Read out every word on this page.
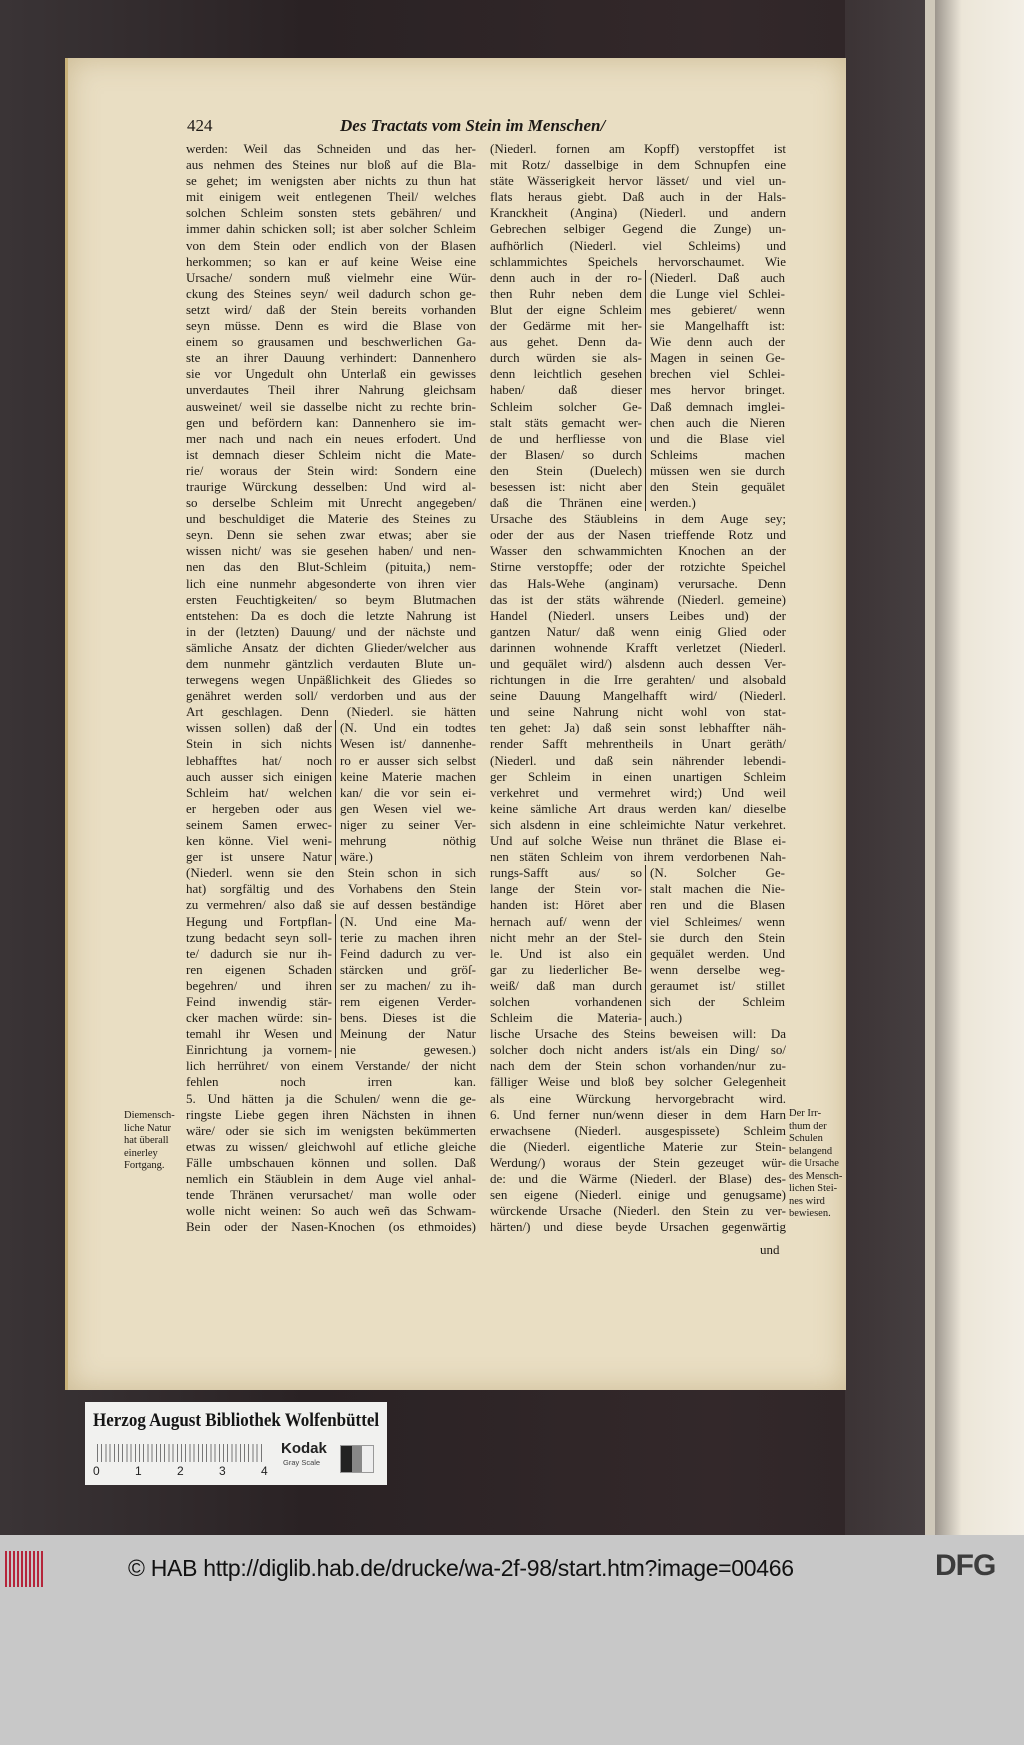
424	Des Tractats vom Stein im Menschen/
werden: Weil das Schneiden und das her-
aus nehmen des Steines nur bloß auf die Bla-
se gehet; im wenigsten aber nichts zu thun hat
mit einigem weit entlegenen Theil/ welches
solchen Schleim sonsten stets gebähren/ und
immer dahin schicken soll; ist aber solcher Schleim
von dem Stein oder endlich von der Blasen
herkommen; so kan er auf keine Weise eine
Ursache/ sondern muß vielmehr eine Wür-
ckung des Steines seyn/ weil dadurch schon ge-
setzt wird/ daß der Stein bereits vorhanden
seyn müsse. Denn es wird die Blase von
einem so grausamen und beschwerlichen Ga-
ste an ihrer Dauung verhindert: Dannenhero
sie vor Ungedult ohn Unterlaß ein gewisses
unverdautes Theil ihrer Nahrung gleichsam
ausweinet/ weil sie dasselbe nicht zu rechte brin-
gen und befördern kan: Dannenhero sie im-
mer nach und nach ein neues erfodert. Und
ist demnach dieser Schleim nicht die Mate-
rie/ woraus der Stein wird: Sondern eine
traurige Würckung desselben: Und wird al-
so derselbe Schleim mit Unrecht angegeben/
und beschuldiget die Materie des Steines zu
seyn. Denn sie sehen zwar etwas; aber sie
wissen nicht/ was sie gesehen haben/ und nen-
nen das den Blut-Schleim (pituita,) nem-
lich eine nunmehr abgesonderte von ihren vier
ersten Feuchtigkeiten/ so beym Blutmachen
entstehen: Da es doch die letzte Nahrung ist
in der (letzten) Dauung/ und der nächste und
sämliche Ansatz der dichten Glieder/welcher aus
dem nunmehr gäntzlich verdauten Blute un-
terwegens wegen Unpäßlichkeit des Gliedes so
genähret werden soll/ verdorben und aus der
Art geschlagen. Denn (Niederl. sie hätten
wissen sollen) daß der (N. Und ein todtes
Stein in sich nichts Wesen ist/ dannenhe-
lebhafftes hat/ noch ro er ausser sich selbst
auch ausser sich einigen keine Materie machen
Schleim hat/ welchen kan/ die vor sein ei-
er hergeben oder aus gen Wesen viel we-
seinem Samen erwec- niger zu seiner Ver-
ken könne. Viel weni- mehrung nöthig
ger ist unsere Natur wäre.)
(Niederl. wenn sie den Stein schon in sich
hat) sorgfältig und des Vorhabens den Stein
zu vermehren/ also daß sie auf dessen beständige
Hegung und Fortpflan- (N. Und eine Ma-
tzung bedacht seyn soll- terie zu machen ihren
te/ dadurch sie nur ih- Feind dadurch zu ver-
ren eigenen Schaden stärcken und gröſ-
begehren/ und ihren ser zu machen/ zu ih-
Feind inwendig stär- rem eigenen Verder-
cker machen würde: sin- bens. Dieses ist die
temahl ihr Wesen und Meinung der Natur
Einrichtung ja vornem- nie gewesen.)
lich herrühret/ von einem Verstande/ der nicht
fehlen noch irren kan.
5. Und hätten ja die Schulen/ wenn die ge-
ringste Liebe gegen ihren Nächsten in ihnen
wäre/ oder sie sich im wenigsten bekümmerten
etwas zu wissen/ gleichwohl auf etliche gleiche
Fälle umbschauen können und sollen. Daß
nemlich ein Stäublein in dem Auge viel anhal-
tende Thränen verursachet/ man wolle oder
wolle nicht weinen: So auch weñ das Schwam-
Bein oder der Nasen-Knochen (os ethmoides)
(Niederl. fornen am Kopff) verstopffet ist
mit Rotz/ dasselbige in dem Schnupfen eine
stäte Wässerigkeit hervor lässet/ und viel un-
flats heraus giebt. Daß auch in der Hals-
Kranckheit (Angina) (Niederl. und andern
Gebrechen selbiger Gegend die Zunge) un-
aufhörlich (Niederl. viel Schleims) und
schlammichtes Speichels hervorschaumet. Wie
denn auch in der ro- (Niederl. Daß auch
then Ruhr neben dem die Lunge viel Schlei-
Blut der eigne Schleim mes gebieret/ wenn
der Gedärme mit her- sie Mangelhafft ist:
aus gehet. Denn da- Wie denn auch der
durch würden sie als- Magen in seinen Ge-
denn leichtlich gesehen brechen viel Schlei-
haben/ daß dieser mes hervor bringet.
Schleim solcher Ge- Daß demnach imglei-
stalt stäts gemacht wer- chen auch die Nieren
de und herfliesse von und die Blase viel
der Blasen/ so durch Schleims machen
den Stein (Duelech) müssen wen sie durch
besessen ist: nicht aber den Stein gequälet
daß die Thränen eine werden.)
Ursache des Stäubleins in dem Auge sey;
oder der aus der Nasen trieffende Rotz und
Wasser den schwammichten Knochen an der
Stirne verstopffe; oder der rotzichte Speichel
das Hals-Wehe (anginam) verursache. Denn
das ist der stäts währende (Niederl. gemeine)
Handel (Niederl. unsers Leibes und) der
gantzen Natur/ daß wenn einig Glied oder
darinnen wohnende Krafft verletzet (Niederl.
und gequälet wird/) alsdenn auch dessen Ver-
richtungen in die Irre gerahten/ und alsobald
seine Dauung Mangelhafft wird/ (Niederl.
und seine Nahrung nicht wohl von stat-
ten gehet: Ja) daß sein sonst lebhaffter näh-
render Safft mehrentheils in Unart geräth/
(Niederl. und daß sein nährender lebendi-
ger Schleim in einen unartigen Schleim
verkehret und vermehret wird;) Und weil
keine sämliche Art draus werden kan/ dieselbe
sich alsdenn in eine schleimichte Natur verkehret.
Und auf solche Weise nun thränet die Blase ei-
nen stäten Schleim von ihrem verdorbenen Nah-
rungs-Safft aus/ so (N. Solcher Ge-
lange der Stein vor- stalt machen die Nie-
handen ist: Höret aber ren und die Blasen
hernach auf/ wenn der viel Schleimes/ wenn
nicht mehr an der Stel- sie durch den Stein
le. Und ist also ein gequälet werden. Und
gar zu liederlicher Be- wenn derselbe weg-
weiß/ daß man durch geraumet ist/ stillet
solchen vorhandenen sich der Schleim
Schleim die Materia- auch.)
lische Ursache des Steins beweisen will: Da
solcher doch nicht anders ist/als ein Ding/ so/
nach dem der Stein schon vorhanden/nur zu-
fälliger Weise und bloß bey solcher Gelegenheit
als eine Würckung hervorgebracht wird.
6. Und ferner nun/wenn dieser in dem Harn
erwachsene (Niederl. ausgespissete) Schleim
die (Niederl. eigentliche Materie zur Stein-
Werdung/) woraus der Stein gezeuget wür-
de: und die Wärme (Niederl. der Blase) des-
sen eigene (Niederl. einige und genugsame)
würckende Ursache (Niederl. den Stein zu ver-
härten/) und diese beyde Ursachen gegenwärtig
Diemensch-
liche Natur
hat überall
einerley
Fortgang.
Der Irr-
thum der
Schulen
belangend
die Ursache
des Mensch-
lichen Stei-
nes wird
bewiesen.
und
0	1	2	3	4
Kodak
Gray Scale
Herzog August Bibliothek Wolfenbüttel
DFG
© HAB http://diglib.hab.de/drucke/wa-2f-98/start.htm?image=00466
